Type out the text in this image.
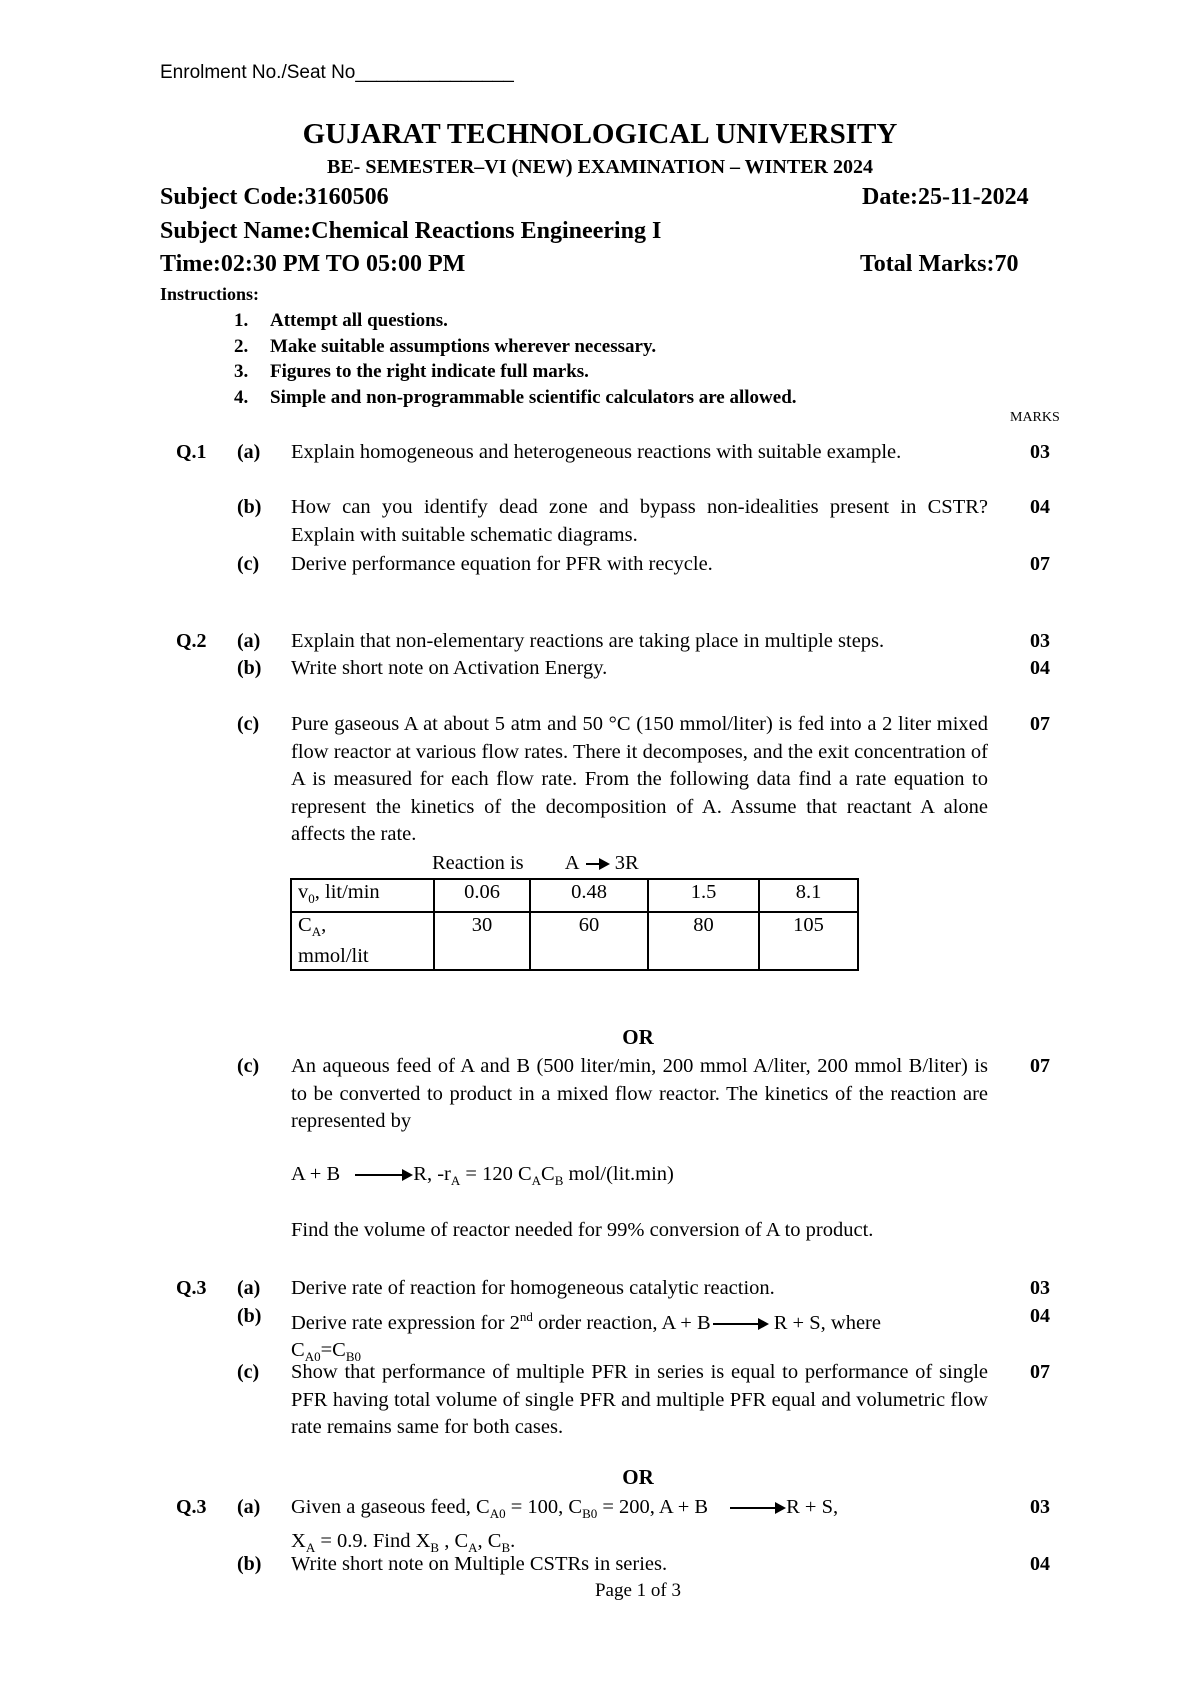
Enrolment No./Seat No_______________
GUJARAT TECHNOLOGICAL UNIVERSITY
BE- SEMESTER–VI (NEW) EXAMINATION – WINTER 2024
Subject Code:3160506	Date:25-11-2024
Subject Name:Chemical Reactions Engineering I
Time:02:30 PM TO 05:00 PM	Total Marks:70
Instructions:
1. Attempt all questions.
2. Make suitable assumptions wherever necessary.
3. Figures to the right indicate full marks.
4. Simple and non-programmable scientific calculators are allowed.
MARKS
Q.1 (a) Explain homogeneous and heterogeneous reactions with suitable example.	03
(b) How can you identify dead zone and bypass non-idealities present in CSTR? Explain with suitable schematic diagrams.
04
(c) Derive performance equation for PFR with recycle.	07
Q.2 (a) Explain that non-elementary reactions are taking place in multiple steps.	03
(b) Write short note on Activation Energy.	04
(c) Pure gaseous A at about 5 atm and 50 °C (150 mmol/liter) is fed into a 2 liter mixed flow reactor at various flow rates. There it decomposes, and the exit concentration of A is measured for each flow rate. From the following data find a rate equation to represent the kinetics of the decomposition of A. Assume that reactant A alone affects the rate.
07
Reaction is A 3R
$v_0$, lit/min	0.06	0.48	1.5	8.1
$C_A$,
mmol/lit	30	60	80	105
OR
(c) An aqueous feed of A and B (500 liter/min, 200 mmol A/liter, 200 mmol B/liter) is to be converted to product in a mixed flow reactor. The kinetics of the reaction are represented by
07
A + B → R, $-r_A = 120$ $C_AC_B$ mol/(lit.min)
Find the volume of reactor needed for 99% conversion of A to product.
Q.3 (a) Derive rate of reaction for homogeneous catalytic reaction.	03
(b) Derive rate expression for 2nd order reaction, A + B → R + S, where
$C_{A0}=C_{B0}$
04
(c) Show that performance of multiple PFR in series is equal to performance of single PFR having total volume of single PFR and multiple PFR equal and volumetric flow rate remains same for both cases.
07
OR
Q.3 (a) Given a gaseous feed, $C_{A0} = 100$, $C_{B0} = 200$, A + B → R + S,
$X_A = 0.9$. Find $X_B$ , $C_A$, $C_B$.
03
(b) Write short note on Multiple CSTRs in series.	04
Page 1 of 3
